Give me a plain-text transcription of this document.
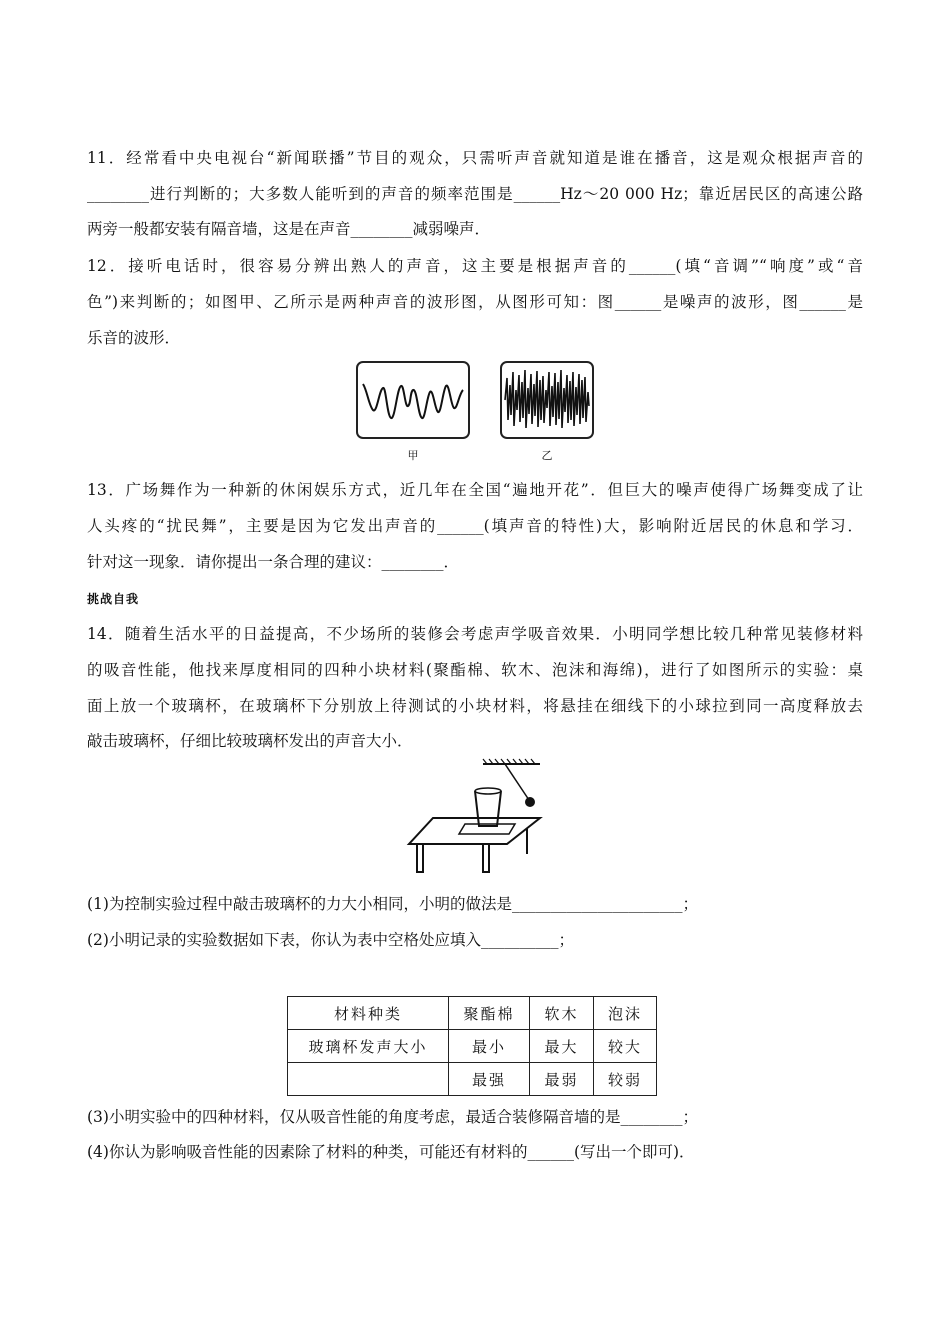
11．经常看中央电视台“新闻联播”节目的观众，只需听声音就知道是谁在播音，这是观众根据声音的
________进行判断的；大多数人能听到的声音的频率范围是______Hz～20 000 Hz；靠近居民区的高速公路
两旁一般都安装有隔音墙，这是在声音________减弱噪声．
12．接听电话时，很容易分辨出熟人的声音，这主要是根据声音的______(填“音调”“响度”或“音
色”)来判断的；如图甲、乙所示是两种声音的波形图，从图形可知：图______是噪声的波形，图______是
乐音的波形．
甲	乙
13．广场舞作为一种新的休闲娱乐方式，近几年在全国“遍地开花”．但巨大的噪声使得广场舞变成了让
人头疼的“扰民舞”，主要是因为它发出声音的______(填声音的特性)大，影响附近居民的休息和学习．
针对这一现象．请你提出一条合理的建议：________．
挑战自我
14．随着生活水平的日益提高，不少场所的装修会考虑声学吸音效果．小明同学想比较几种常见装修材料
的吸音性能，他找来厚度相同的四种小块材料(聚酯棉、软木、泡沫和海绵)，进行了如图所示的实验：桌
面上放一个玻璃杯，在玻璃杯下分别放上待测试的小块材料，将悬挂在细线下的小球拉到同一高度释放去
敲击玻璃杯，仔细比较玻璃杯发出的声音大小．
(1)为控制实验过程中敲击玻璃杯的力大小相同，小明的做法是______________________；
(2)小明记录的实验数据如下表，你认为表中空格处应填入__________；
材料种类	聚酯棉	软木	泡沫
玻璃杯发声大小	最小	最大	较大
	最强	最弱	较弱
(3)小明实验中的四种材料，仅从吸音性能的角度考虑，最适合装修隔音墙的是________；
(4)你认为影响吸音性能的因素除了材料的种类，可能还有材料的______(写出一个即可)．
